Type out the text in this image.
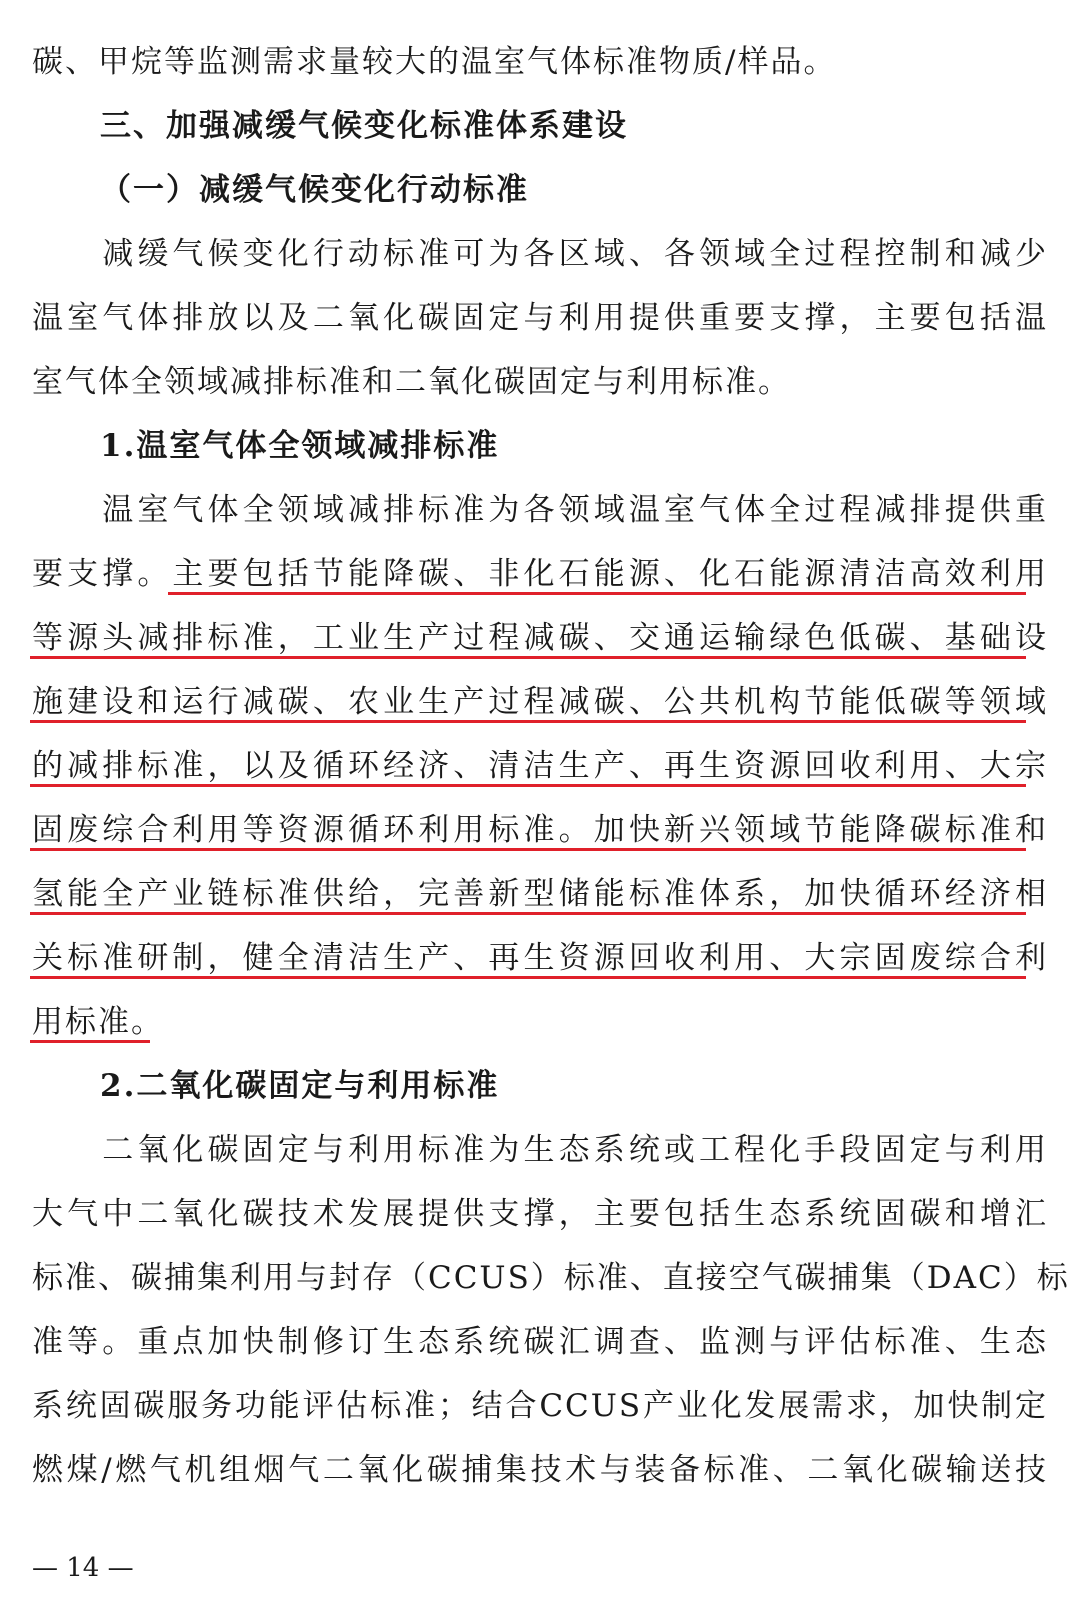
碳、甲烷等监测需求量较大的温室气体标准物质/样品。
三、加强减缓气候变化标准体系建设
（一）减缓气候变化行动标准
　　减缓气候变化行动标准可为各区域、各领域全过程控制和减少
温室气体排放以及二氧化碳固定与利用提供重要支撑，主要包括温
室气体全领域减排标准和二氧化碳固定与利用标准。
1.温室气体全领域减排标准
　　温室气体全领域减排标准为各领域温室气体全过程减排提供重
要支撑。主要包括节能降碳、非化石能源、化石能源清洁高效利用
等源头减排标准，工业生产过程减碳、交通运输绿色低碳、基础设
施建设和运行减碳、农业生产过程减碳、公共机构节能低碳等领域
的减排标准，以及循环经济、清洁生产、再生资源回收利用、大宗
固废综合利用等资源循环利用标准。加快新兴领域节能降碳标准和
氢能全产业链标准供给，完善新型储能标准体系，加快循环经济相
关标准研制，健全清洁生产、再生资源回收利用、大宗固废综合利
用标准。
2.二氧化碳固定与利用标准
　　二氧化碳固定与利用标准为生态系统或工程化手段固定与利用
大气中二氧化碳技术发展提供支撑，主要包括生态系统固碳和增汇
标准、碳捕集利用与封存（CCUS）标准、直接空气碳捕集（DAC）标
准等。重点加快制修订生态系统碳汇调查、监测与评估标准、生态
系统固碳服务功能评估标准；结合CCUS产业化发展需求，加快制定
燃煤/燃气机组烟气二氧化碳捕集技术与装备标准、二氧化碳输送技
— 14 —
